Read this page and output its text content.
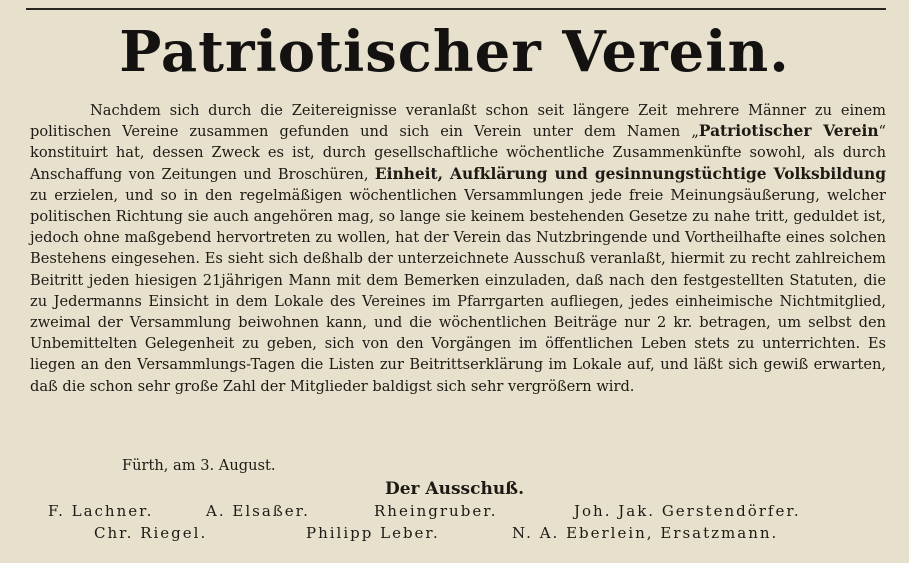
Patriotischer Verein.

Nachdem sich durch die Zeitereignisse veranlaßt schon seit längere Zeit mehrere Männer zu einem politischen Vereine zusammen gefunden und sich ein Verein unter dem Namen „Patriotischer Verein“ konstituirt hat, dessen Zweck es ist, durch gesellschaftliche wöchentliche Zusammenkünfte sowohl, als durch Anschaffung von Zeitungen und Broschüren, Einheit, Aufklärung und gesinnungstüchtige Volksbildung zu erzielen, und so in den regelmäßigen wöchentlichen Versammlungen jede freie Meinungsäußerung, welcher politischen Richtung sie auch angehören mag, so lange sie keinem bestehenden Gesetze zu nahe tritt, geduldet ist, jedoch ohne maßgebend hervortreten zu wollen, hat der Verein das Nutzbringende und Vortheilhafte eines solchen Bestehens eingesehen. Es sieht sich deßhalb der unterzeichnete Ausschuß veranlaßt, hiermit zu recht zahlreichem Beitritt jeden hiesigen 21jährigen Mann mit dem Bemerken einzuladen, daß nach den festgestellten Statuten, die zu Jedermanns Einsicht in dem Lokale des Vereines im Pfarrgarten aufliegen, jedes einheimische Nichtmitglied, zweimal der Versammlung beiwohnen kann, und die wöchentlichen Beiträge nur 2 kr. betragen, um selbst den Unbemittelten Gelegenheit zu geben, sich von den Vorgängen im öffentlichen Leben stets zu unterrichten. Es liegen an den Versammlungs-Tagen die Listen zur Beitrittserklärung im Lokale auf, und läßt sich gewiß erwarten, daß die schon sehr große Zahl der Mitglieder baldigst sich sehr vergrößern wird.

Fürth, am 3. August.
Der Ausschuß.
F. Lachner.	A. Elsaßer.	Rheingruber.	Joh. Jak. Gerstendörfer.
Chr. Riegel.	Philipp Leber.	N. A. Eberlein, Ersatzmann.
